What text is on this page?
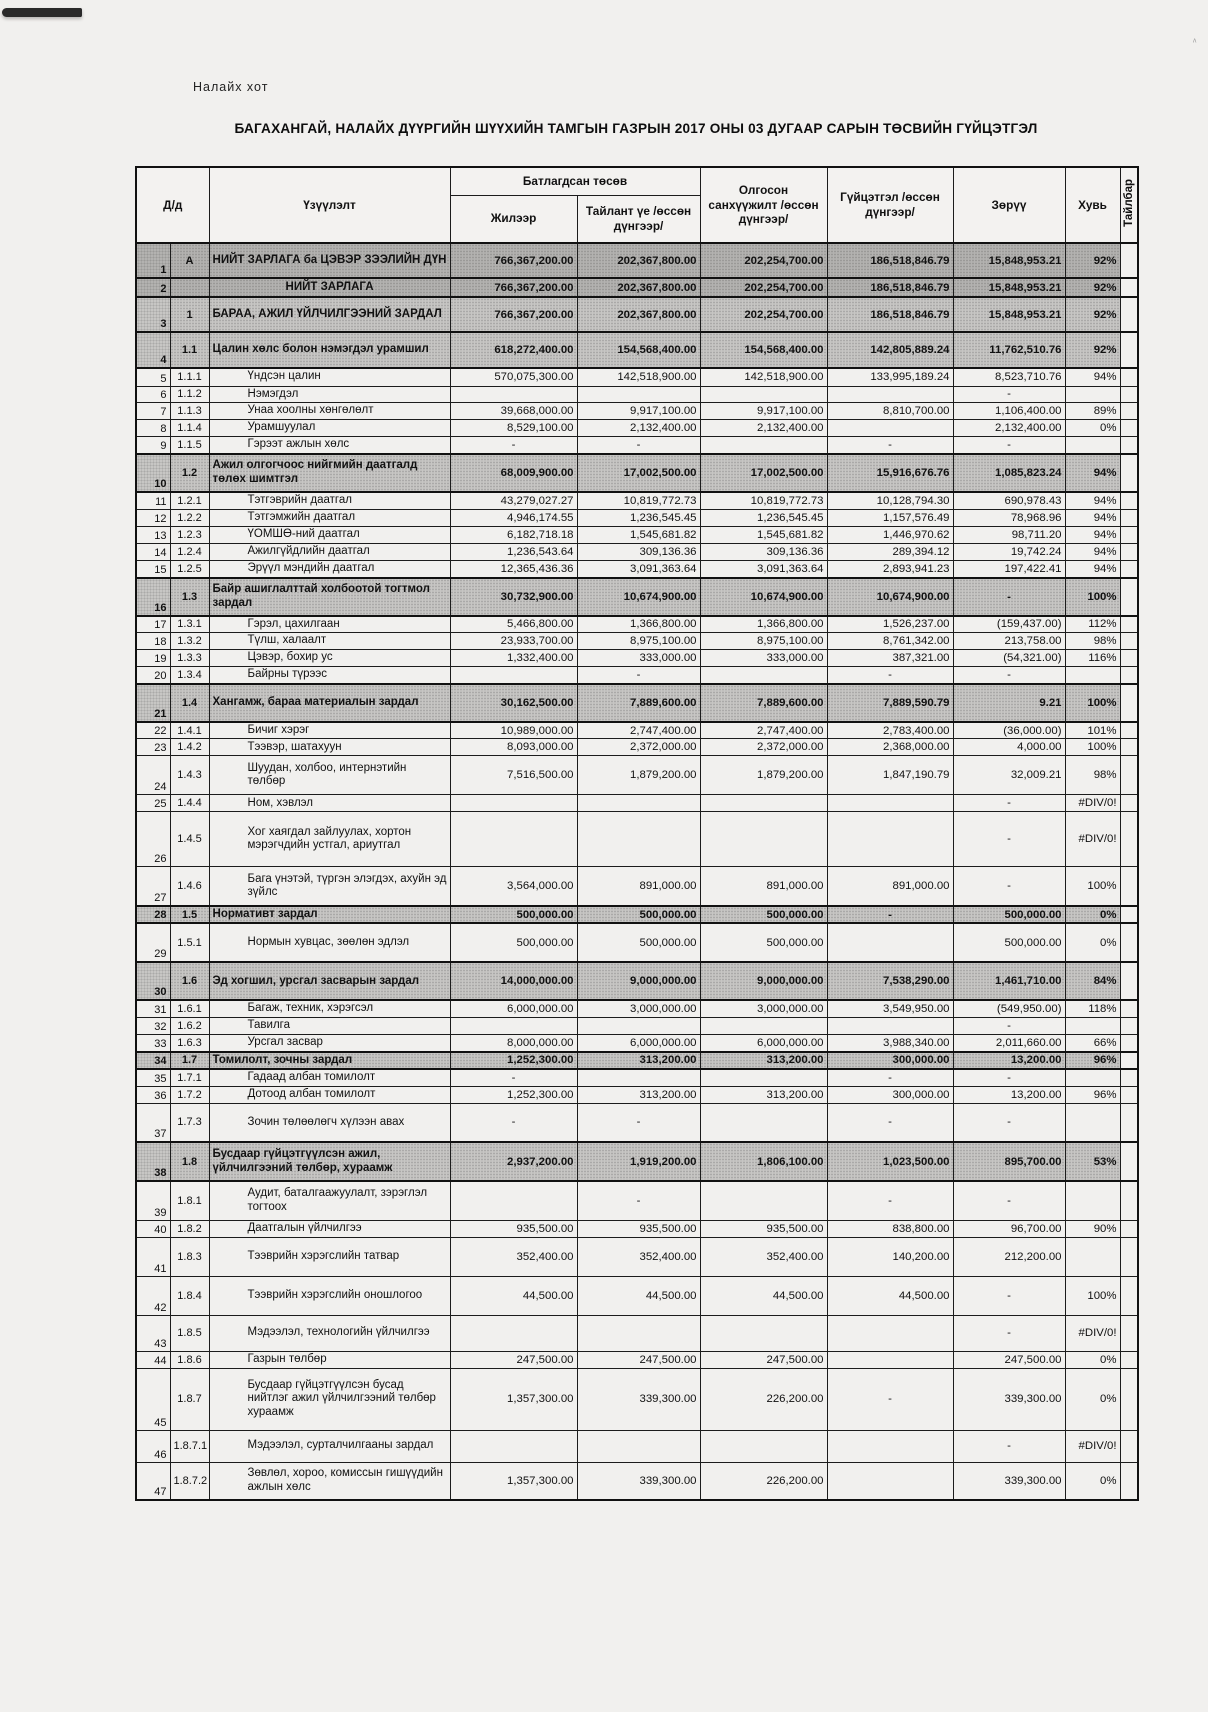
ᶺ
Налайх хот
БАГАХАНГАЙ, НАЛАЙХ ДҮҮРГИЙН ШҮҮХИЙН ТАМГЫН ГАЗРЫН 2017 ОНЫ 03 ДУГААР САРЫН ТӨСВИЙН ГҮЙЦЭТГЭЛ
Д/д		Үзүүлэлт	Батлагдсан төсөв		Олгосон санхүүжилт /өссөн дүнгээр/	Гүйцэтгэл /өссөн дүнгээр/	Зөрүү	Хувь	Тайлбар
			Жилээр	Тайлант үе /өссөн дүнгээр/					
1	А	НИЙТ ЗАРЛАГА ба ЦЭВЭР ЗЭЭЛИЙН ДҮН	766,367,200.00	202,367,800.00	202,254,700.00	186,518,846.79	15,848,953.21	92%	
2		НИЙТ ЗАРЛАГА	766,367,200.00	202,367,800.00	202,254,700.00	186,518,846.79	15,848,953.21	92%	
3	1	БАРАА, АЖИЛ ҮЙЛЧИЛГЭЭНИЙ ЗАРДАЛ	766,367,200.00	202,367,800.00	202,254,700.00	186,518,846.79	15,848,953.21	92%	
4	1.1	Цалин хөлс болон нэмэгдэл урамшил	618,272,400.00	154,568,400.00	154,568,400.00	142,805,889.24	11,762,510.76	92%	
5	1.1.1	Үндсэн цалин	570,075,300.00	142,518,900.00	142,518,900.00	133,995,189.24	8,523,710.76	94%	
6	1.1.2	Нэмэгдэл					-		
7	1.1.3	Унаа хоолны хөнгөлөлт	39,668,000.00	9,917,100.00	9,917,100.00	8,810,700.00	1,106,400.00	89%	
8	1.1.4	Урамшуулал	8,529,100.00	2,132,400.00	2,132,400.00		2,132,400.00	0%	
9	1.1.5	Гэрээт ажлын хөлс	-	-		-	-		
10	1.2	Ажил олгогчоос нийгмийн даатгалд төлөх шимтгэл	68,009,900.00	17,002,500.00	17,002,500.00	15,916,676.76	1,085,823.24	94%	
11	1.2.1	Тэтгэврийн даатгал	43,279,027.27	10,819,772.73	10,819,772.73	10,128,794.30	690,978.43	94%	
12	1.2.2	Тэтгэмжийн даатгал	4,946,174.55	1,236,545.45	1,236,545.45	1,157,576.49	78,968.96	94%	
13	1.2.3	ҮОМШӨ-ний даатгал	6,182,718.18	1,545,681.82	1,545,681.82	1,446,970.62	98,711.20	94%	
14	1.2.4	Ажилгүйдлийн даатгал	1,236,543.64	309,136.36	309,136.36	289,394.12	19,742.24	94%	
15	1.2.5	Эрүүл мэндийн даатгал	12,365,436.36	3,091,363.64	3,091,363.64	2,893,941.23	197,422.41	94%	
16	1.3	Байр ашиглалттай холбоотой тогтмол зардал	30,732,900.00	10,674,900.00	10,674,900.00	10,674,900.00	-	100%	
17	1.3.1	Гэрэл, цахилгаан	5,466,800.00	1,366,800.00	1,366,800.00	1,526,237.00	(159,437.00)	112%	
18	1.3.2	Түлш, халаалт	23,933,700.00	8,975,100.00	8,975,100.00	8,761,342.00	213,758.00	98%	
19	1.3.3	Цэвэр, бохир ус	1,332,400.00	333,000.00	333,000.00	387,321.00	(54,321.00)	116%	
20	1.3.4	Байрны түрээс		-		-	-		
21	1.4	Хангамж, бараа материалын зардал	30,162,500.00	7,889,600.00	7,889,600.00	7,889,590.79	9.21	100%	
22	1.4.1	Бичиг хэрэг	10,989,000.00	2,747,400.00	2,747,400.00	2,783,400.00	(36,000.00)	101%	
23	1.4.2	Тээвэр, шатахуун	8,093,000.00	2,372,000.00	2,372,000.00	2,368,000.00	4,000.00	100%	
24	1.4.3	Шуудан, холбоо, интернэтийн төлбөр	7,516,500.00	1,879,200.00	1,879,200.00	1,847,190.79	32,009.21	98%	
25	1.4.4	Ном, хэвлэл					-	#DIV/0!	
26	1.4.5	Хог хаягдал зайлуулах, хортон мэрэгчдийн устгал, ариутгал					-	#DIV/0!	
27	1.4.6	Бага үнэтэй, түргэн элэгдэх, ахуйн эд зүйлс	3,564,000.00	891,000.00	891,000.00	891,000.00	-	100%	
28	1.5	Нормативт зардал	500,000.00	500,000.00	500,000.00	-	500,000.00	0%	
29	1.5.1	Нормын хувцас, зөөлөн эдлэл	500,000.00	500,000.00	500,000.00		500,000.00	0%	
30	1.6	Эд хогшил, урсгал засварын зардал	14,000,000.00	9,000,000.00	9,000,000.00	7,538,290.00	1,461,710.00	84%	
31	1.6.1	Багаж, техник, хэрэгсэл	6,000,000.00	3,000,000.00	3,000,000.00	3,549,950.00	(549,950.00)	118%	
32	1.6.2	Тавилга					-		
33	1.6.3	Урсгал засвар	8,000,000.00	6,000,000.00	6,000,000.00	3,988,340.00	2,011,660.00	66%	
34	1.7	Томилолт, зочны зардал	1,252,300.00	313,200.00	313,200.00	300,000.00	13,200.00	96%	
35	1.7.1	Гадаад албан томилолт	-			-	-		
36	1.7.2	Дотоод албан томилолт	1,252,300.00	313,200.00	313,200.00	300,000.00	13,200.00	96%	
37	1.7.3	Зочин төлөөлөгч хүлээн авах	-	-		-	-		
38	1.8	Бусдаар гүйцэтгүүлсэн ажил, үйлчилгээний төлбөр, хураамж	2,937,200.00	1,919,200.00	1,806,100.00	1,023,500.00	895,700.00	53%	
39	1.8.1	Аудит, баталгаажуулалт, зэрэглэл тогтоох		-		-	-		
40	1.8.2	Даатгалын үйлчилгээ	935,500.00	935,500.00	935,500.00	838,800.00	96,700.00	90%	
41	1.8.3	Тээврийн хэрэгслийн татвар	352,400.00	352,400.00	352,400.00	140,200.00	212,200.00		
42	1.8.4	Тээврийн хэрэгслийн оношлогоо	44,500.00	44,500.00	44,500.00	44,500.00	-	100%	
43	1.8.5	Мэдээлэл, технологийн үйлчилгээ					-	#DIV/0!	
44	1.8.6	Газрын төлбөр	247,500.00	247,500.00	247,500.00		247,500.00	0%	
45	1.8.7	Бусдаар гүйцэтгүүлсэн бусад нийтлэг ажил үйлчилгээний төлбөр хураамж	1,357,300.00	339,300.00	226,200.00	-	339,300.00	0%	
46	1.8.7.1	Мэдээлэл, сурталчилгааны зардал					-	#DIV/0!	
47	1.8.7.2	Зөвлөл, хороо, комиссын гишүүдийн ажлын хөлс	1,357,300.00	339,300.00	226,200.00		339,300.00	0%	
